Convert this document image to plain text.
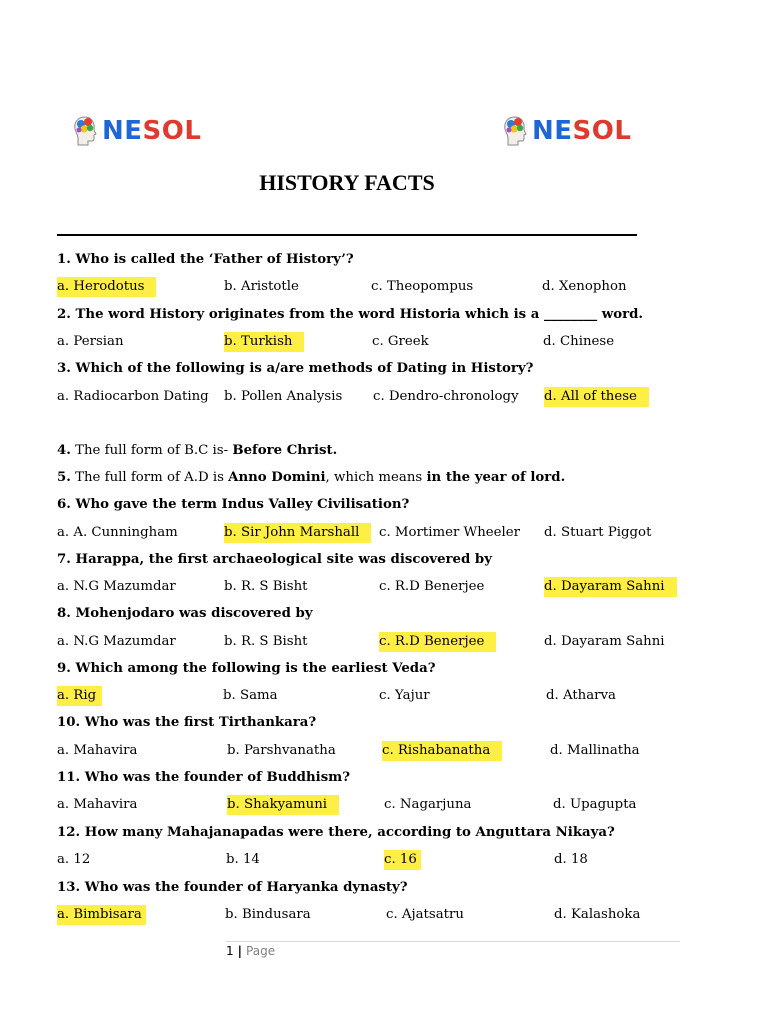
NESOL	NESOL
HISTORY FACTS
1. Who is called the ‘Father of History’?
a. Herodotus	b. Aristotle	c. Theopompus	d. Xenophon
2. The word History originates from the word Historia which is a ________ word.
a. Persian	b. Turkish	c. Greek	d. Chinese
3. Which of the following is a/are methods of Dating in History?
a. Radiocarbon Dating b. Pollen Analysis c. Dendro-chronology d. All of these
4. The full form of B.C is- Before Christ.
5. The full form of A.D is Anno Domini, which means in the year of lord.
6. Who gave the term Indus Valley Civilisation?
a. A. Cunningham	b. Sir John Marshall	c. Mortimer Wheeler d. Stuart Piggot
7. Harappa, the first archaeological site was discovered by
a. N.G Mazumdar	b. R. S Bisht	c. R.D Benerjee	d. Dayaram Sahni
8. Mohenjodaro was discovered by
a. N.G Mazumdar	b. R. S Bisht	c. R.D Benerjee	d. Dayaram Sahni
9. Which among the following is the earliest Veda?
a. Rig	b. Sama	c. Yajur	d. Atharva
10. Who was the first Tirthankara?
a. Mahavira	b. Parshvanatha	c. Rishabanatha	d. Mallinatha
11. Who was the founder of Buddhism?
a. Mahavira	b. Shakyamuni	c. Nagarjuna	d. Upagupta
12. How many Mahajanapadas were there, according to Anguttara Nikaya?
a. 12	b. 14	c. 16	d. 18
13. Who was the founder of Haryanka dynasty?
a. Bimbisara	b. Bindusara	c. Ajatsatru	d. Kalashoka
1 | Page
